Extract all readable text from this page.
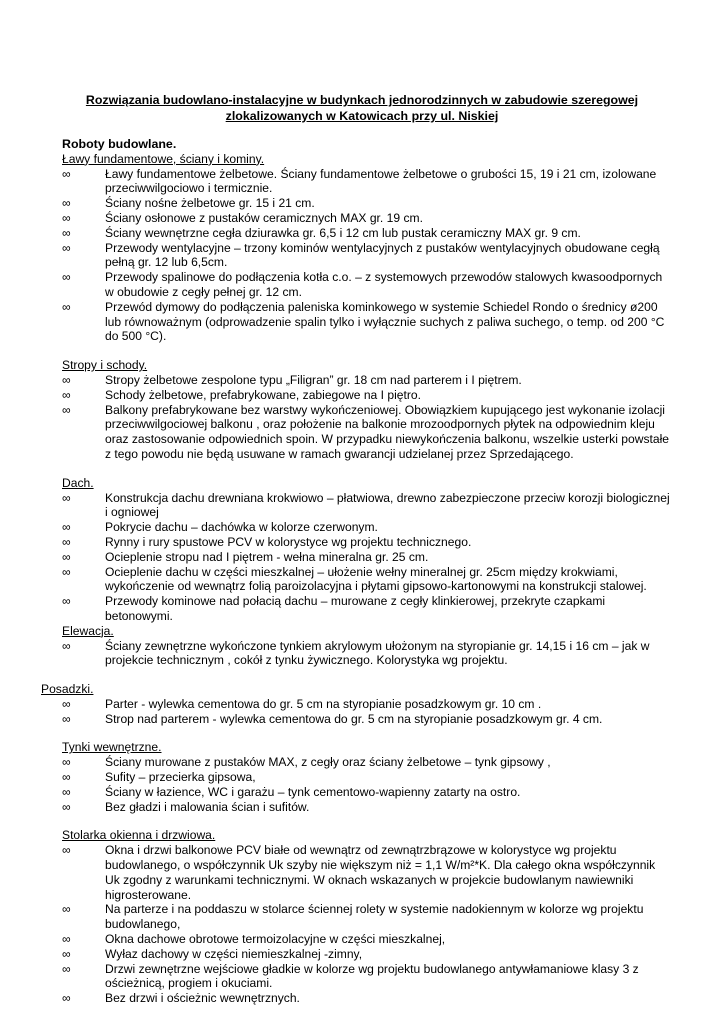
Rozwiązania budowlano-instalacyjne w budynkach jednorodzinnych w zabudowie szeregowej
zlokalizowanych w Katowicach przy ul. Niskiej
Roboty budowlane.
Ławy fundamentowe, ściany i kominy.
∞	Ławy fundamentowe żelbetowe. Ściany fundamentowe żelbetowe o grubości 15, 19 i 21 cm, izolowane przeciwwilgociowo i termicznie.
∞	Ściany nośne żelbetowe gr. 15 i 21 cm.
∞	Ściany osłonowe z pustaków ceramicznych MAX gr. 19 cm.
∞	Ściany wewnętrzne cegła dziurawka gr. 6,5 i 12 cm lub pustak ceramiczny MAX gr. 9 cm.
∞	Przewody wentylacyjne – trzony kominów wentylacyjnych z pustaków wentylacyjnych obudowane cegłą pełną gr. 12 lub 6,5cm.
∞	Przewody spalinowe do podłączenia kotła c.o. – z systemowych przewodów stalowych kwasoodpornych w obudowie z cegły pełnej gr. 12 cm.
∞	Przewód dymowy do podłączenia paleniska kominkowego w systemie Schiedel Rondo o średnicy ø200 lub równoważnym (odprowadzenie spalin tylko i wyłącznie suchych z paliwa suchego, o temp. od 200 °C do 500 °C).
Stropy i schody.
∞	Stropy żelbetowe zespolone typu „Filigran” gr. 18 cm nad parterem i I piętrem.
∞	Schody żelbetowe, prefabrykowane, zabiegowe na I piętro.
∞	Balkony prefabrykowane bez warstwy wykończeniowej. Obowiązkiem kupującego jest wykonanie izolacji przeciwwilgociowej balkonu , oraz położenie na balkonie mrozoodpornych płytek na odpowiednim kleju oraz zastosowanie odpowiednich spoin. W przypadku niewykończenia balkonu, wszelkie usterki powstałe z tego powodu nie będą usuwane w ramach gwarancji udzielanej przez Sprzedającego.
Dach.
∞	Konstrukcja dachu drewniana krokwiowo – płatwiowa, drewno zabezpieczone przeciw korozji biologicznej i ogniowej
∞	Pokrycie dachu – dachówka w kolorze czerwonym.
∞	Rynny i rury spustowe PCV w kolorystyce wg projektu technicznego.
∞	Ocieplenie stropu nad I piętrem - wełna mineralna gr. 25 cm.
∞	Ocieplenie dachu w części mieszkalnej – ułożenie wełny mineralnej gr. 25cm między krokwiami, wykończenie od wewnątrz folią paroizolacyjna i płytami gipsowo-kartonowymi na konstrukcji stalowej.
∞	Przewody kominowe nad połacią dachu – murowane z cegły klinkierowej, przekryte czapkami betonowymi.
Elewacja.
∞	Ściany zewnętrzne wykończone tynkiem akrylowym ułożonym na styropianie gr. 14,15 i 16 cm – jak w projekcie technicznym , cokół z tynku żywicznego. Kolorystyka wg projektu.
Posadzki.
∞	Parter - wylewka cementowa do gr. 5 cm na styropianie posadzkowym gr. 10 cm .
∞	Strop nad parterem - wylewka cementowa do gr. 5 cm na styropianie posadzkowym gr. 4 cm.
Tynki wewnętrzne.
∞	Ściany murowane z pustaków MAX, z cegły oraz ściany żelbetowe – tynk gipsowy ,
∞	Sufity – przecierka gipsowa,
∞	Ściany w łazience, WC i garażu – tynk cementowo-wapienny zatarty na ostro.
∞	Bez gładzi i malowania ścian i sufitów.
Stolarka okienna i drzwiowa.
∞	Okna i drzwi balkonowe PCV białe od wewnątrz od zewnątrzbrązowe w kolorystyce wg projektu budowlanego, o współczynnik Uk szyby nie większym niż = 1,1 W/m²*K. Dla całego okna współczynnik Uk zgodny z warunkami technicznymi. W oknach wskazanych w projekcie budowlanym nawiewniki higrosterowane.
∞	Na parterze i na poddaszu w stolarce ściennej rolety w systemie nadokiennym w kolorze wg projektu budowlanego,
∞	Okna dachowe obrotowe termoizolacyjne w części mieszkalnej,
∞	Wyłaz dachowy w części niemieszkalnej -zimny,
∞	Drzwi zewnętrzne wejściowe gładkie w kolorze wg projektu budowlanego antywłamaniowe klasy 3 z ościeżnicą, progiem i okuciami.
∞	Bez drzwi i ościeżnic wewnętrznych.
